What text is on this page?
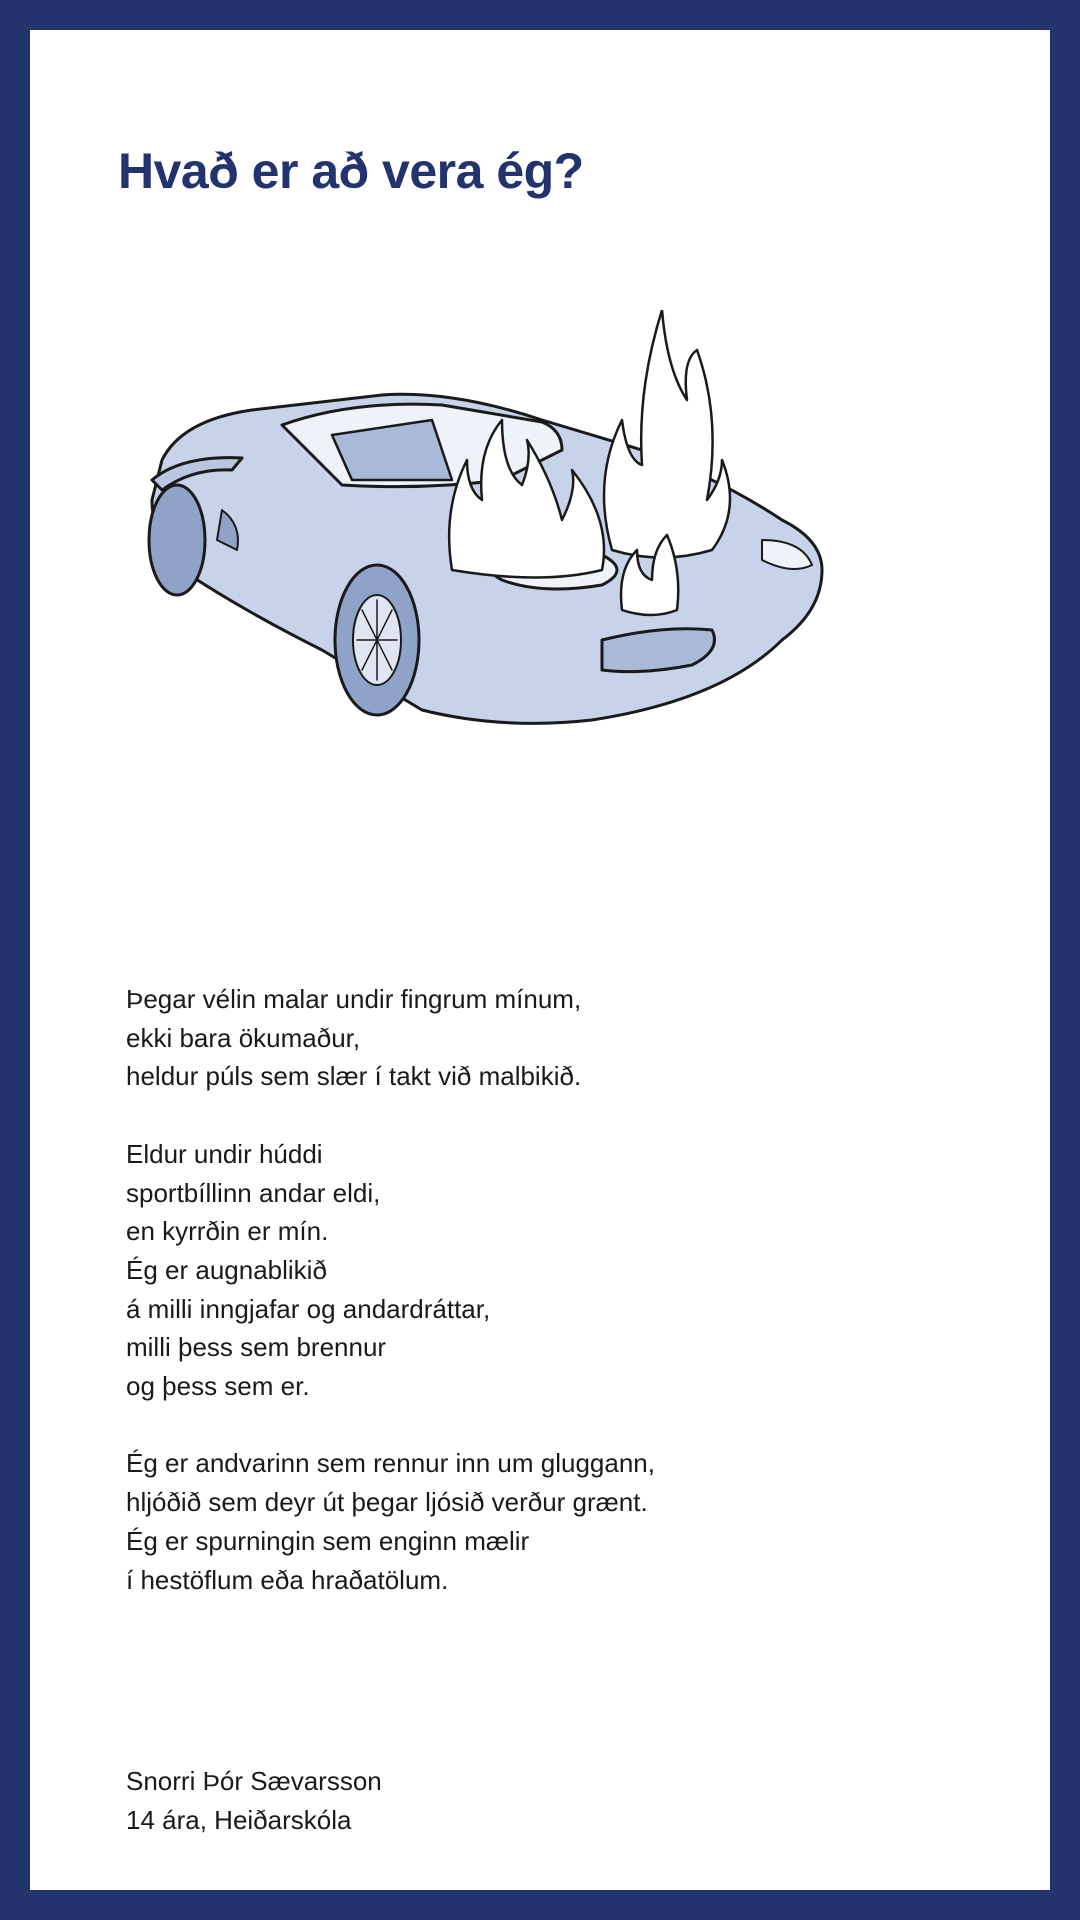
Hvað er að vera ég?

Þegar vélin malar undir fingrum mínum,
ekki bara ökumaður,
heldur púls sem slær í takt við malbikið.

Eldur undir húddi
sportbíllinn andar eldi,
en kyrrðin er mín.
Ég er augnablikið
á milli inngjafar og andardráttar,
milli þess sem brennur
og þess sem er.

Ég er andvarinn sem rennur inn um gluggann,
hljóðið sem deyr út þegar ljósið verður grænt.
Ég er spurningin sem enginn mælir
í hestöflum eða hraðatölum.

Snorri Þór Sævarsson
14 ára, Heiðarskóla
